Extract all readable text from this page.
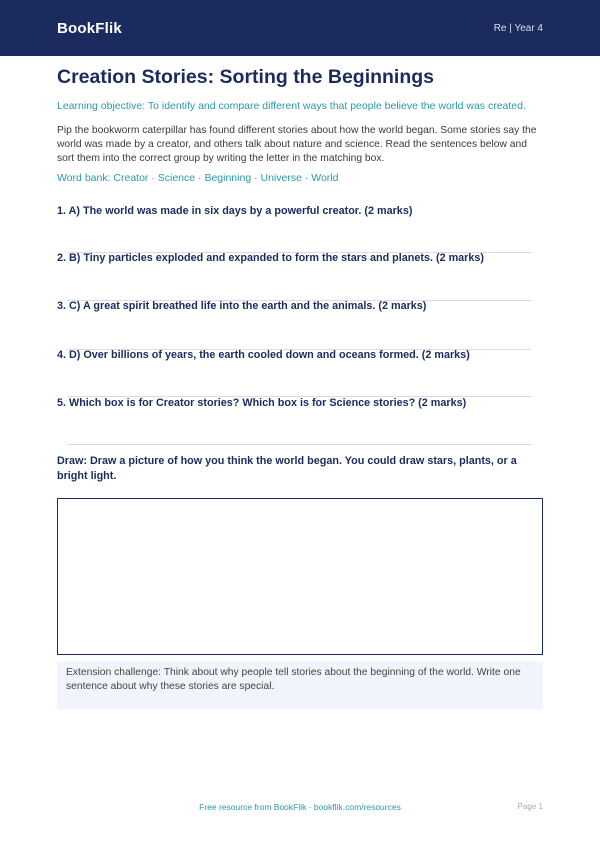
BookFlik	Re | Year 4
Creation Stories: Sorting the Beginnings

Learning objective: To identify and compare different ways that people believe the world was created.

Pip the bookworm caterpillar has found different stories about how the world began. Some stories say the world was made by a creator, and others talk about nature and science. Read the sentences below and sort them into the correct group by writing the letter in the matching box.

Word bank: Creator · Science · Beginning · Universe · World

1. A) The world was made in six days by a powerful creator. (2 marks)

2. B) Tiny particles exploded and expanded to form the stars and planets. (2 marks)

3. C) A great spirit breathed life into the earth and the animals. (2 marks)

4. D) Over billions of years, the earth cooled down and oceans formed. (2 marks)

5. Which box is for Creator stories? Which box is for Science stories? (2 marks)

Draw: Draw a picture of how you think the world began. You could draw stars, plants, or a bright light.

Extension challenge: Think about why people tell stories about the beginning of the world. Write one sentence about why these stories are special.
Free resource from BookFlik · bookflik.com/resources	Page 1
